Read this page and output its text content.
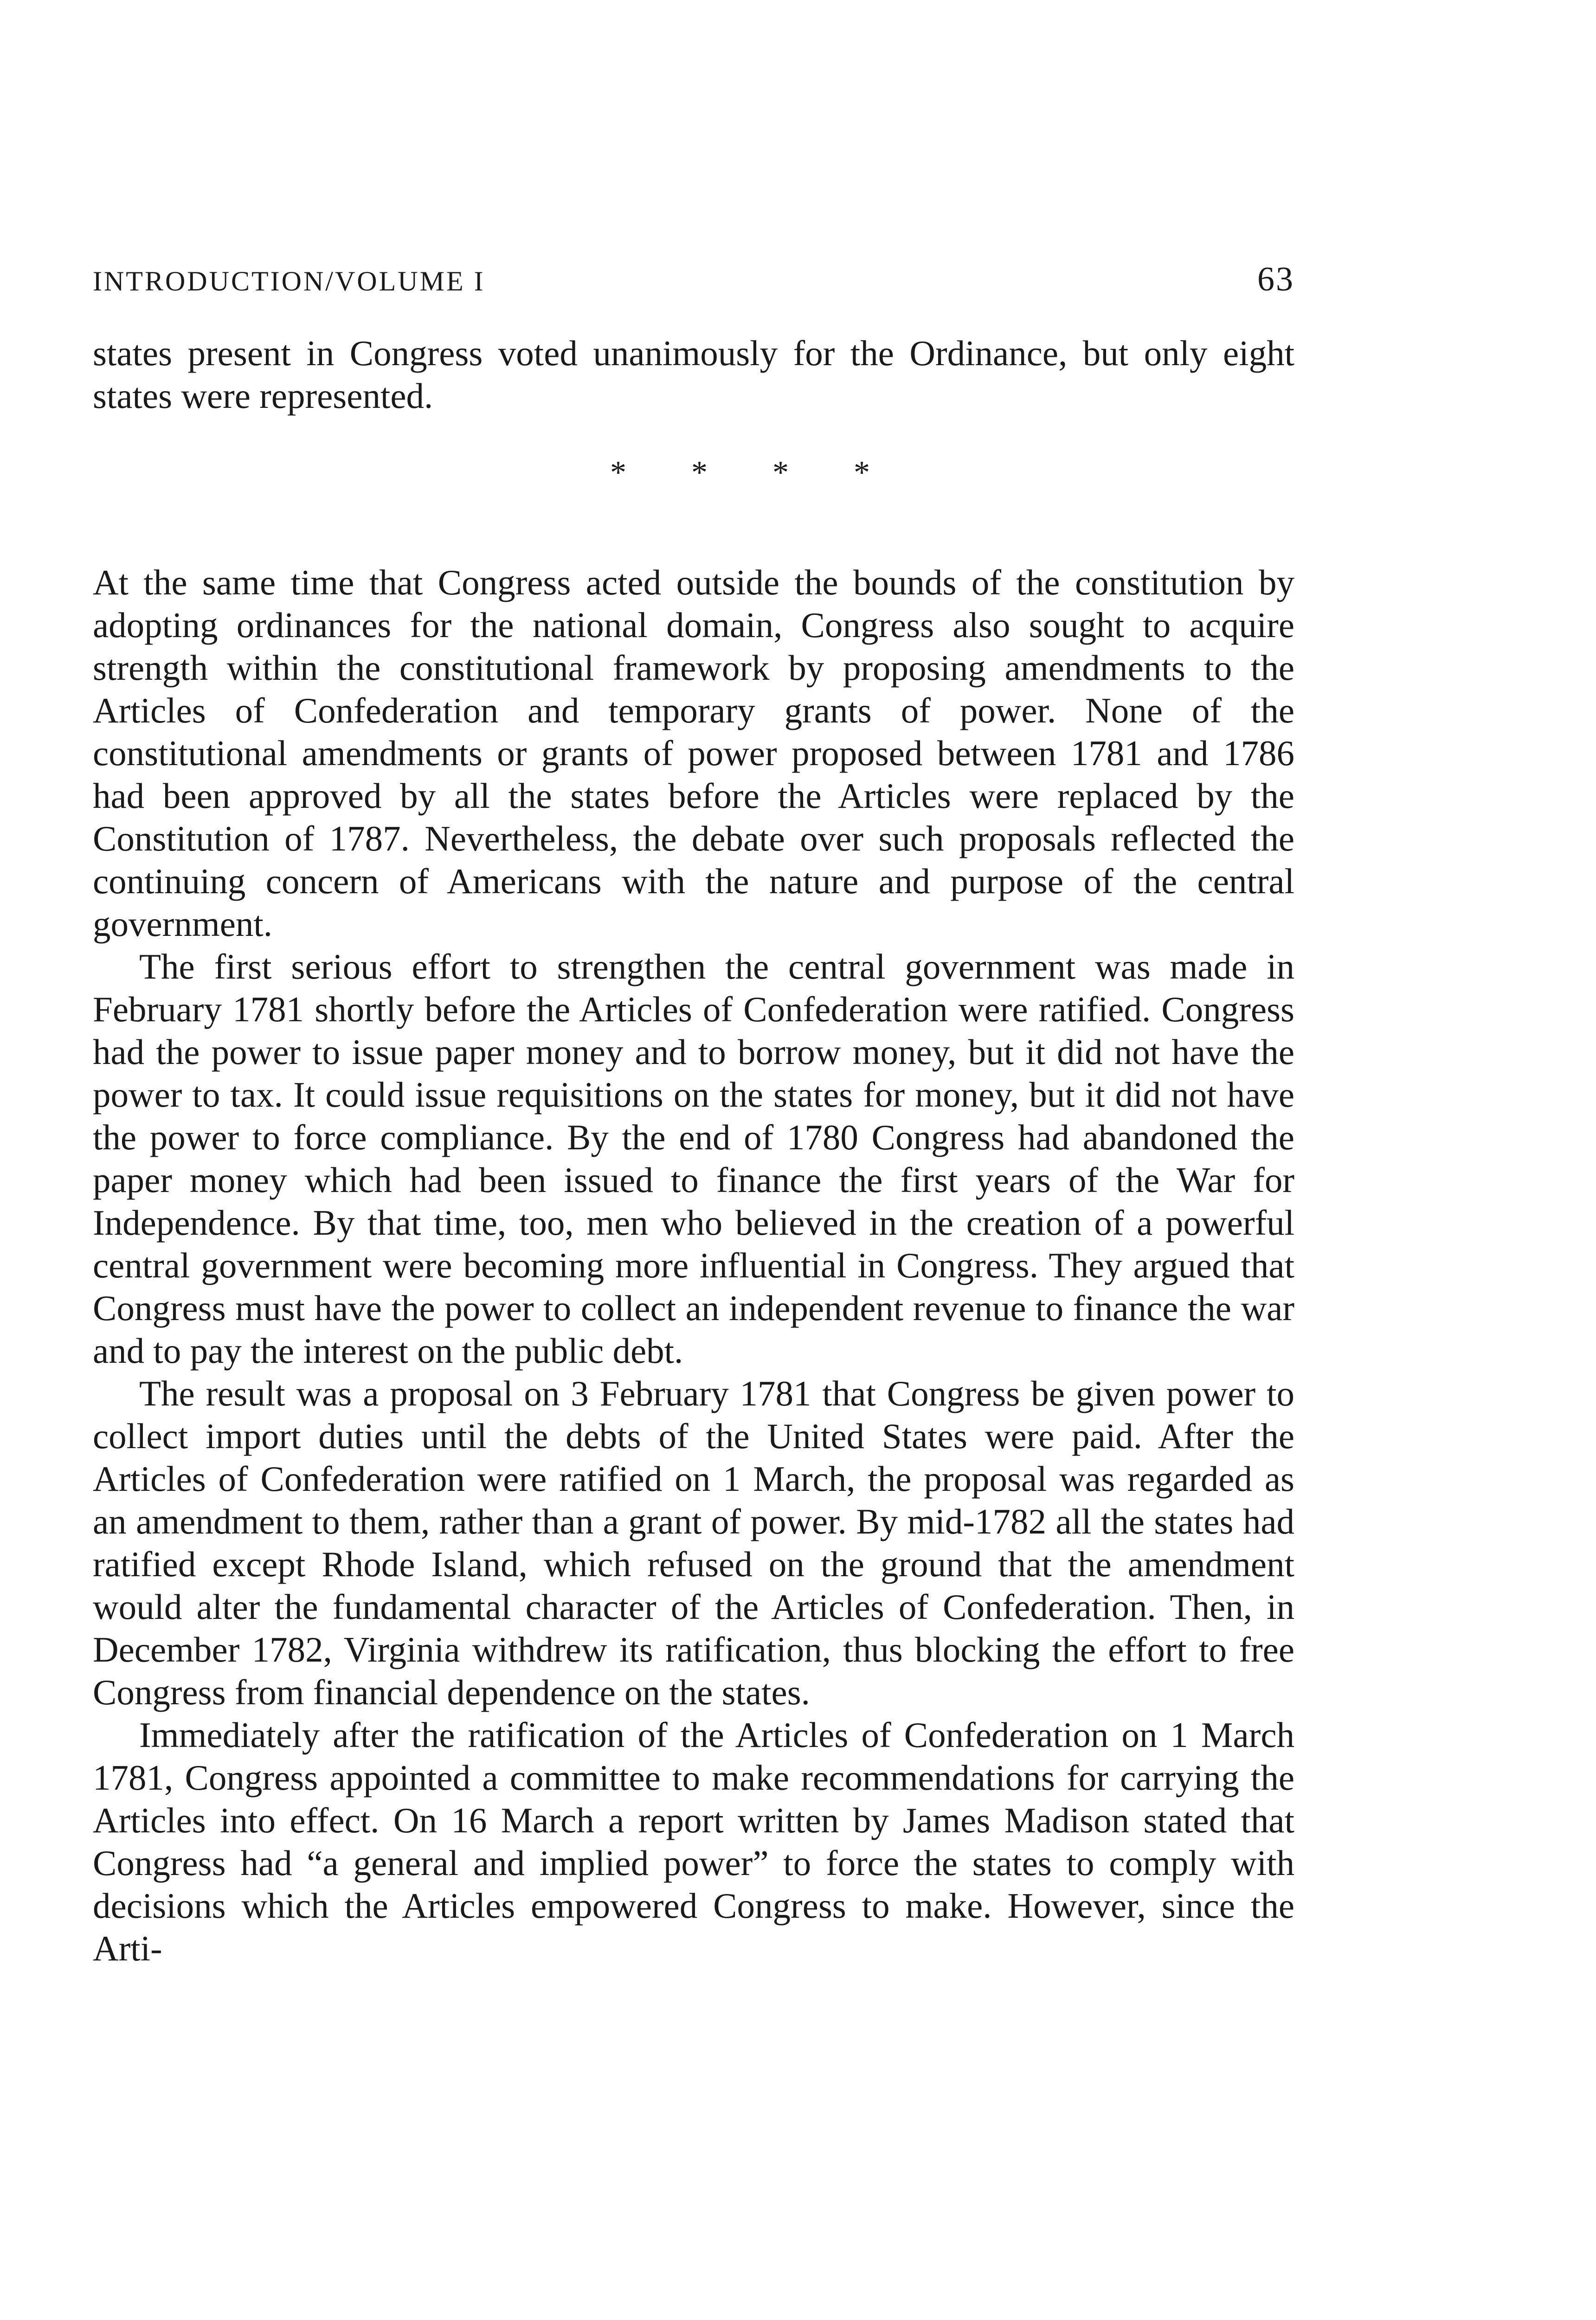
INTRODUCTION/VOLUME I	63

states present in Congress voted unanimously for the Ordinance, but only eight states were represented.

* * * *

At the same time that Congress acted outside the bounds of the constitution by adopting ordinances for the national domain, Congress also sought to acquire strength within the constitutional framework by proposing amendments to the Articles of Confederation and temporary grants of power. None of the constitutional amendments or grants of power proposed between 1781 and 1786 had been approved by all the states before the Articles were replaced by the Constitution of 1787. Nevertheless, the debate over such proposals reflected the continuing concern of Americans with the nature and purpose of the central government.

The first serious effort to strengthen the central government was made in February 1781 shortly before the Articles of Confederation were ratified. Congress had the power to issue paper money and to borrow money, but it did not have the power to tax. It could issue requisitions on the states for money, but it did not have the power to force compliance. By the end of 1780 Congress had abandoned the paper money which had been issued to finance the first years of the War for Independence. By that time, too, men who believed in the creation of a powerful central government were becoming more influential in Congress. They argued that Congress must have the power to collect an independent revenue to finance the war and to pay the interest on the public debt.

The result was a proposal on 3 February 1781 that Congress be given power to collect import duties until the debts of the United States were paid. After the Articles of Confederation were ratified on 1 March, the proposal was regarded as an amendment to them, rather than a grant of power. By mid-1782 all the states had ratified except Rhode Island, which refused on the ground that the amendment would alter the fundamental character of the Articles of Confederation. Then, in December 1782, Virginia withdrew its ratification, thus blocking the effort to free Congress from financial dependence on the states.

Immediately after the ratification of the Articles of Confederation on 1 March 1781, Congress appointed a committee to make recommendations for carrying the Articles into effect. On 16 March a report written by James Madison stated that Congress had “a general and implied power” to force the states to comply with decisions which the Articles empowered Congress to make. However, since the Arti-
